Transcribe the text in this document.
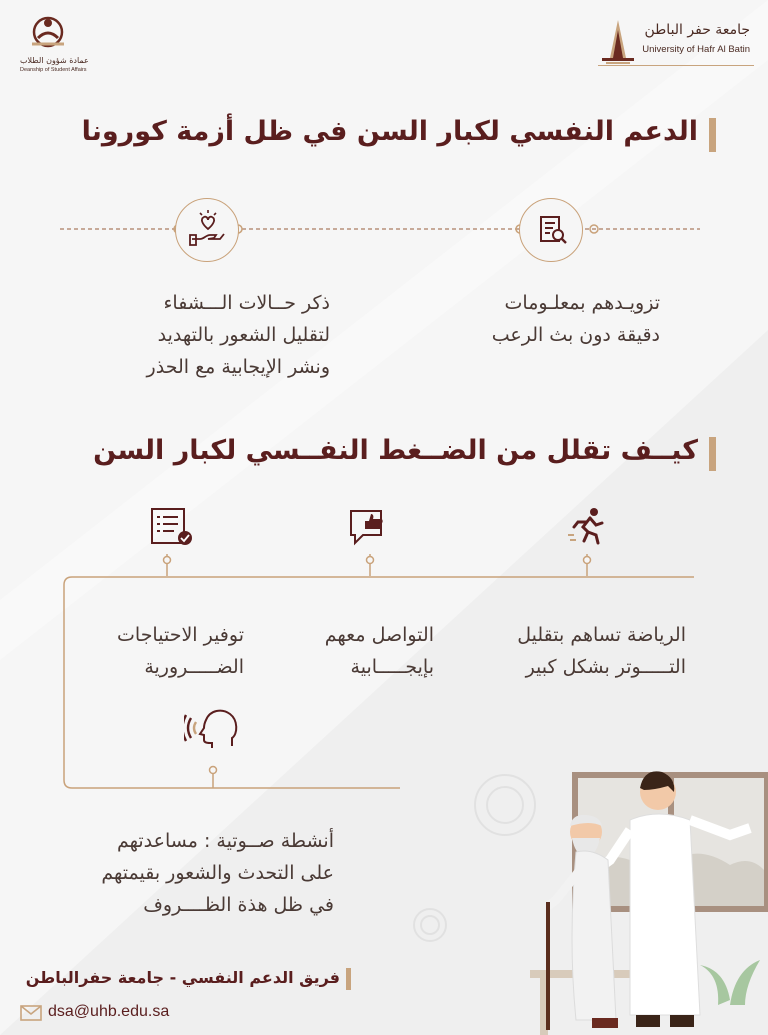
جامعة حفر الباطن
University of Hafr Al Batin
عمادة شؤون الطلاب
Deanship of Student Affairs
الدعم النفسي لكبار السن في ظل أزمة كورونا
تزويـدهم بمعلـومات
دقيقة دون بث الرعب
ذكر حــالات الـــشفاء
لتقليل الشعور بالتهديد
ونشر الإيجابية مع الحذر
كيــف تقلل من الضــغط النفــسي لكبار السن
الرياضة تساهم بتقليل
التـــــوتر بشكل كبير
التواصل معهم
بإيجـــــابية
توفير الاحتياجات
الضـــــرورية
أنشطة صــوتية : مساعدتهم
على التحدث والشعور بقيمتهم
في ظل هذة الظــــروف
فريق الدعم النفسي - جامعة حفرالباطن
dsa@uhb.edu.sa
